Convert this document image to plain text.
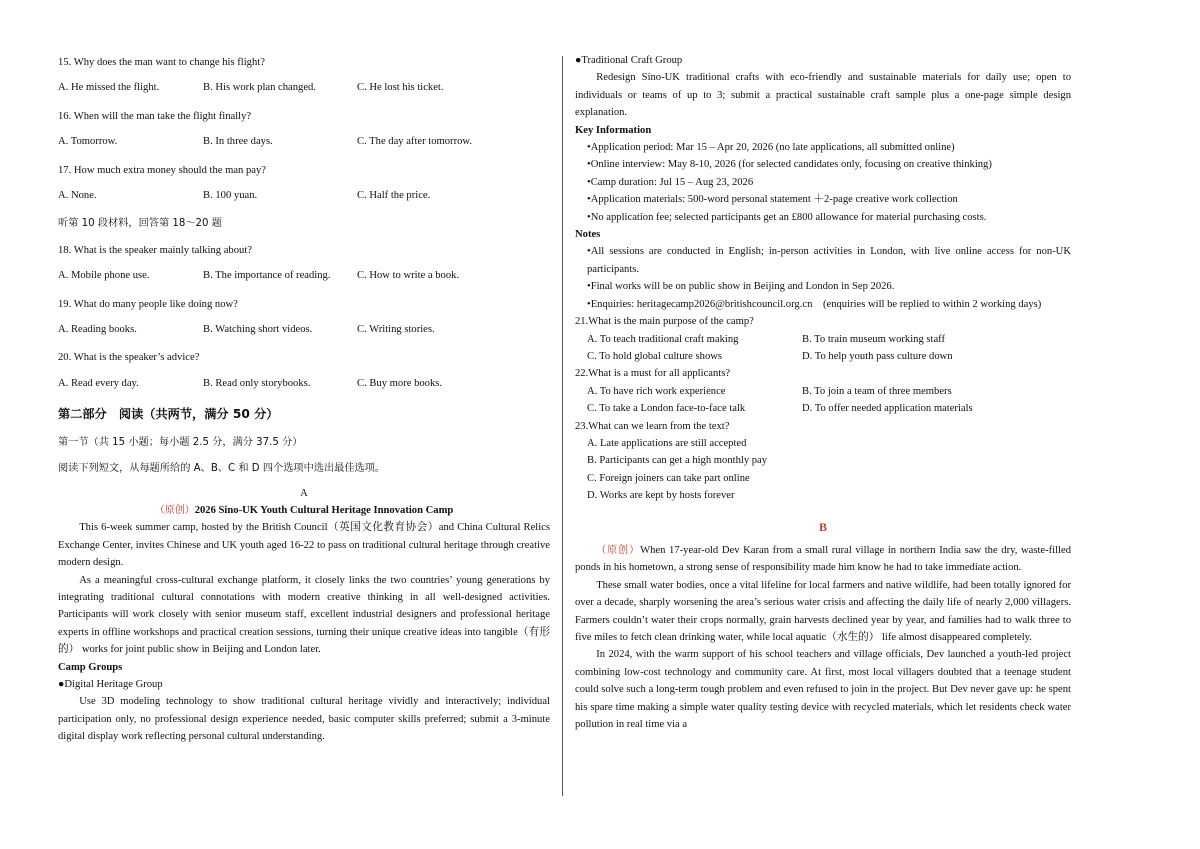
15. Why does the man want to change his flight?

A. He missed the flight.	B. His work plan changed.	C. He lost his ticket.

16. When will the man take the flight finally?

A. Tomorrow.	B. In three days.	C. The day after tomorrow.

17. How much extra money should the man pay?

A. None.	B. 100 yuan.	C. Half the price.

听第 10 段材料，回答第 18～20 题

18. What is the speaker mainly talking about?

A. Mobile phone use.	B. The importance of reading.	C. How to write a book.

19. What do many people like doing now?

A. Reading books.	B. Watching short videos.	C. Writing stories.

20. What is the speaker’s advice?

A. Read every day.	B. Read only storybooks.	C. Buy more books.

第二部分　阅读（共两节，满分 50 分）

第一节（共 15 小题；每小题 2.5 分，满分 37.5 分）

阅读下列短文，从每题所给的 A、B、C 和 D 四个选项中选出最佳选项。

A

（原创）2026 Sino-UK Youth Cultural Heritage Innovation Camp

This 6-week summer camp, hosted by the British Council（英国文化教育协会）and China Cultural Relics Exchange Center, invites Chinese and UK youth aged 16-22 to pass on traditional cultural heritage through creative modern design.

As a meaningful cross-cultural exchange platform, it closely links the two countries’ young generations by integrating traditional cultural connotations with modern creative thinking in all well-designed activities. Participants will work closely with senior museum staff, excellent industrial designers and professional heritage experts in offline workshops and practical creation sessions, turning their unique creative ideas into tangible（有形的） works for joint public show in Beijing and London later.

Camp Groups

●Digital Heritage Group

Use 3D modeling technology to show traditional cultural heritage vividly and interactively; individual participation only, no professional design experience needed, basic computer skills preferred; submit a 3-minute digital display work reflecting personal cultural understanding.

●Traditional Craft Group

Redesign Sino-UK traditional crafts with eco-friendly and sustainable materials for daily use; open to individuals or teams of up to 3; submit a practical sustainable craft sample plus a one-page simple design explanation.

Key Information

•Application period: Mar 15 – Apr 20, 2026 (no late applications, all submitted online)

•Online interview: May 8-10, 2026 (for selected candidates only, focusing on creative thinking)

•Camp duration: Jul 15 – Aug 23, 2026

•Application materials: 500-word personal statement ＋2-page creative work collection

•No application fee; selected participants get an £800 allowance for material purchasing costs.

Notes

•All sessions are conducted in English; in-person activities in London, with live online access for non-UK participants.

•Final works will be on public show in Beijing and London in Sep 2026.

•Enquiries: heritagecamp2026@britishcouncil.org.cn　(enquiries will be replied to within 2 working days)

21.What is the main purpose of the camp?

A. To teach traditional craft making	B. To train museum working staff
C. To hold global culture shows	D. To help youth pass culture down

22.What is a must for all applicants?

A. To have rich work experience	B. To join a team of three members
C. To take a London face-to-face talk	D. To offer needed application materials

23.What can we learn from the text?

A. Late applications are still accepted

B. Participants can get a high monthly pay

C. Foreign joiners can take part online

D. Works are kept by hosts forever

B

（原创）When 17-year-old Dev Karan from a small rural village in northern India saw the dry, waste-filled ponds in his hometown, a strong sense of responsibility made him know he had to take immediate action.

These small water bodies, once a vital lifeline for local farmers and native wildlife, had been totally ignored for over a decade, sharply worsening the area’s serious water crisis and affecting the daily life of nearly 2,000 villagers. Farmers couldn’t water their crops normally, grain harvests declined year by year, and families had to walk three to five miles to fetch clean drinking water, while local aquatic（水生的） life almost disappeared completely.

In 2024, with the warm support of his school teachers and village officials, Dev launched a youth-led project combining low-cost technology and community care. At first, most local villagers doubted that a teenage student could solve such a long-term tough problem and even refused to join in the project. But Dev never gave up: he spent his spare time making a simple water quality testing device with recycled materials, which let residents check water pollution in real time via a
